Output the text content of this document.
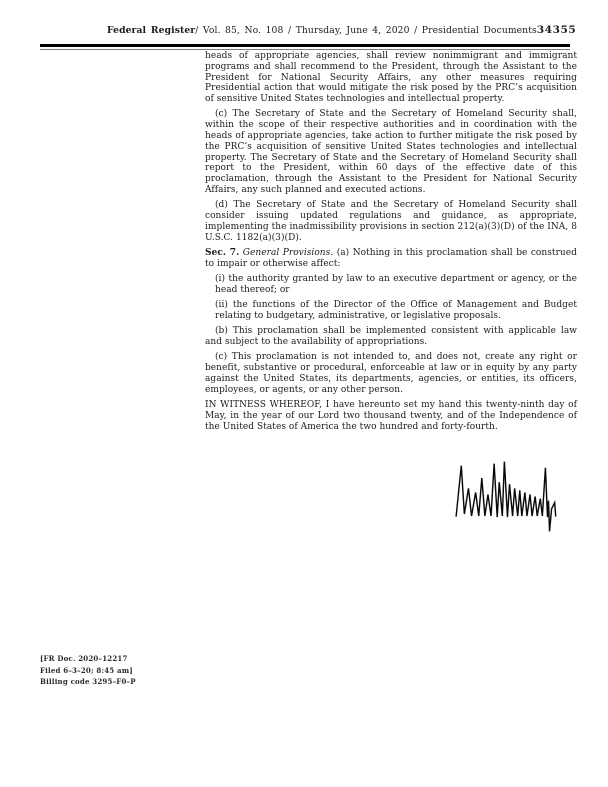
Federal Register/ Vol. 85, No. 108 / Thursday, June 4, 2020 / Presidential Documents 34355

heads of appropriate agencies, shall review nonimmigrant and immigrant programs and shall recommend to the President, through the Assistant to the President for National Security Affairs, any other measures requiring Presidential action that would mitigate the risk posed by the PRC’s acquisition of sensitive United States technologies and intellectual property.

(c) The Secretary of State and the Secretary of Homeland Security shall, within the scope of their respective authorities and in coordination with the heads of appropriate agencies, take action to further mitigate the risk posed by the PRC’s acquisition of sensitive United States technologies and intellectual property. The Secretary of State and the Secretary of Homeland Security shall report to the President, within 60 days of the effective date of this proclamation, through the Assistant to the President for National Security Affairs, any such planned and executed actions.

(d) The Secretary of State and the Secretary of Homeland Security shall consider issuing updated regulations and guidance, as appropriate, implementing the inadmissibility provisions in section 212(a)(3)(D) of the INA, 8 U.S.C. 1182(a)(3)(D).

Sec. 7. General Provisions. (a) Nothing in this proclamation shall be construed to impair or otherwise affect:

(i) the authority granted by law to an executive department or agency, or the head thereof; or

(ii) the functions of the Director of the Office of Management and Budget relating to budgetary, administrative, or legislative proposals.

(b) This proclamation shall be implemented consistent with applicable law and subject to the availability of appropriations.

(c) This proclamation is not intended to, and does not, create any right or benefit, substantive or procedural, enforceable at law or in equity by any party against the United States, its departments, agencies, or entities, its officers, employees, or agents, or any other person.

IN WITNESS WHEREOF, I have hereunto set my hand this twenty-ninth day of May, in the year of our Lord two thousand twenty, and of the Independence of the United States of America the two hundred and forty-fourth.

[FR Doc. 2020–12217
Filed 6–3–20; 8:45 am]
Billing code 3295–F0–P
